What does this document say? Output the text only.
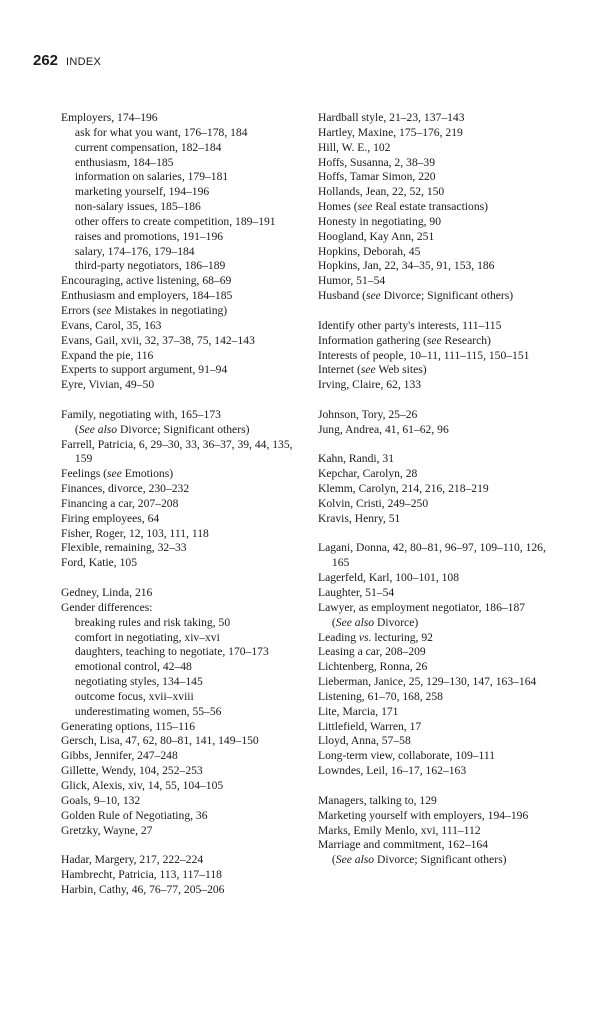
262 INDEX
Employers, 174–196
ask for what you want, 176–178, 184
current compensation, 182–184
enthusiasm, 184–185
information on salaries, 179–181
marketing yourself, 194–196
non-salary issues, 185–186
other offers to create competition, 189–191
raises and promotions, 191–196
salary, 174–176, 179–184
third-party negotiators, 186–189
Encouraging, active listening, 68–69
Enthusiasm and employers, 184–185
Errors (see Mistakes in negotiating)
Evans, Carol, 35, 163
Evans, Gail, xvii, 32, 37–38, 75, 142–143
Expand the pie, 116
Experts to support argument, 91–94
Eyre, Vivian, 49–50
Family, negotiating with, 165–173
(See also Divorce; Significant others)
Farrell, Patricia, 6, 29–30, 33, 36–37, 39, 44, 135, 159
Feelings (see Emotions)
Finances, divorce, 230–232
Financing a car, 207–208
Firing employees, 64
Fisher, Roger, 12, 103, 111, 118
Flexible, remaining, 32–33
Ford, Katie, 105
Gedney, Linda, 216
Gender differences:
breaking rules and risk taking, 50
comfort in negotiating, xiv–xvi
daughters, teaching to negotiate, 170–173
emotional control, 42–48
negotiating styles, 134–145
outcome focus, xvii–xviii
underestimating women, 55–56
Generating options, 115–116
Gersch, Lisa, 47, 62, 80–81, 141, 149–150
Gibbs, Jennifer, 247–248
Gillette, Wendy, 104, 252–253
Glick, Alexis, xiv, 14, 55, 104–105
Goals, 9–10, 132
Golden Rule of Negotiating, 36
Gretzky, Wayne, 27
Hadar, Margery, 217, 222–224
Hambrecht, Patricia, 113, 117–118
Harbin, Cathy, 46, 76–77, 205–206
Hardball style, 21–23, 137–143
Hartley, Maxine, 175–176, 219
Hill, W. E., 102
Hoffs, Susanna, 2, 38–39
Hoffs, Tamar Simon, 220
Hollands, Jean, 22, 52, 150
Homes (see Real estate transactions)
Honesty in negotiating, 90
Hoogland, Kay Ann, 251
Hopkins, Deborah, 45
Hopkins, Jan, 22, 34–35, 91, 153, 186
Humor, 51–54
Husband (see Divorce; Significant others)
Identify other party's interests, 111–115
Information gathering (see Research)
Interests of people, 10–11, 111–115, 150–151
Internet (see Web sites)
Irving, Claire, 62, 133
Johnson, Tory, 25–26
Jung, Andrea, 41, 61–62, 96
Kahn, Randi, 31
Kepchar, Carolyn, 28
Klemm, Carolyn, 214, 216, 218–219
Kolvin, Cristi, 249–250
Kravis, Henry, 51
Lagani, Donna, 42, 80–81, 96–97, 109–110, 126, 165
Lagerfeld, Karl, 100–101, 108
Laughter, 51–54
Lawyer, as employment negotiator, 186–187
(See also Divorce)
Leading vs. lecturing, 92
Leasing a car, 208–209
Lichtenberg, Ronna, 26
Lieberman, Janice, 25, 129–130, 147, 163–164
Listening, 61–70, 168, 258
Lite, Marcia, 171
Littlefield, Warren, 17
Lloyd, Anna, 57–58
Long-term view, collaborate, 109–111
Lowndes, Leil, 16–17, 162–163
Managers, talking to, 129
Marketing yourself with employers, 194–196
Marks, Emily Menlo, xvi, 111–112
Marriage and commitment, 162–164
(See also Divorce; Significant others)
